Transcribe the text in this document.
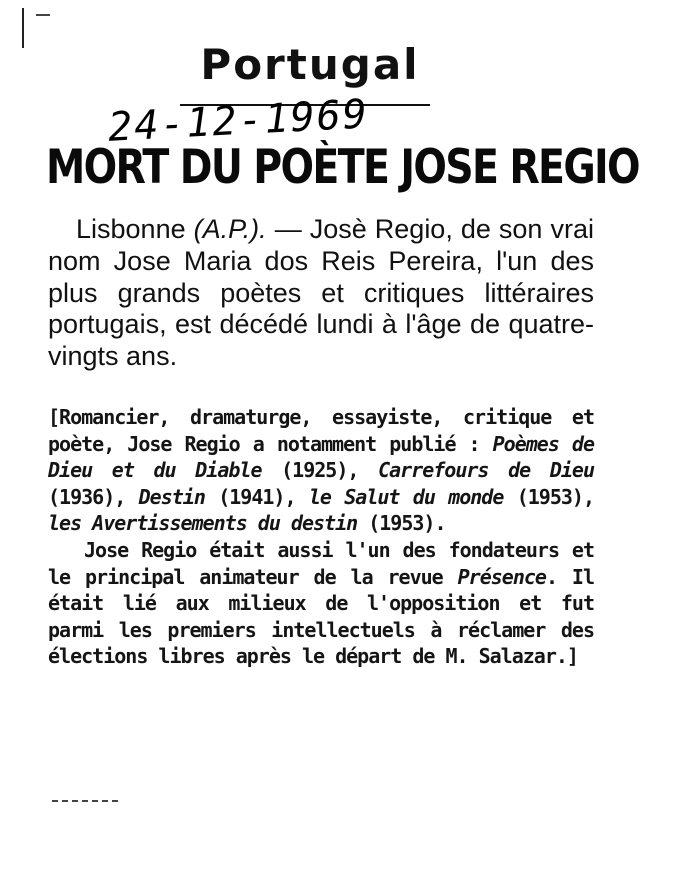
Portugal
24-12-1969
MORT DU POÈTE JOSE REGIO

Lisbonne (A.P.). — Josè Regio, de son vrai nom Jose Maria dos Reis Pereira, l'un des plus grands poètes et critiques littéraires portugais, est décédé lundi à l'âge de quatre-vingts ans.

[Romancier, dramaturge, essayiste, critique et poète, Jose Regio a notamment publié : Poèmes de Dieu et du Diable (1925), Carrefours de Dieu (1936), Destin (1941), le Salut du monde (1953), les Avertissements du destin (1953).

Jose Regio était aussi l'un des fondateurs et le principal animateur de la revue Présence. Il était lié aux milieux de l'opposition et fut parmi les premiers intellectuels à réclamer des élections libres après le départ de M. Salazar.]
